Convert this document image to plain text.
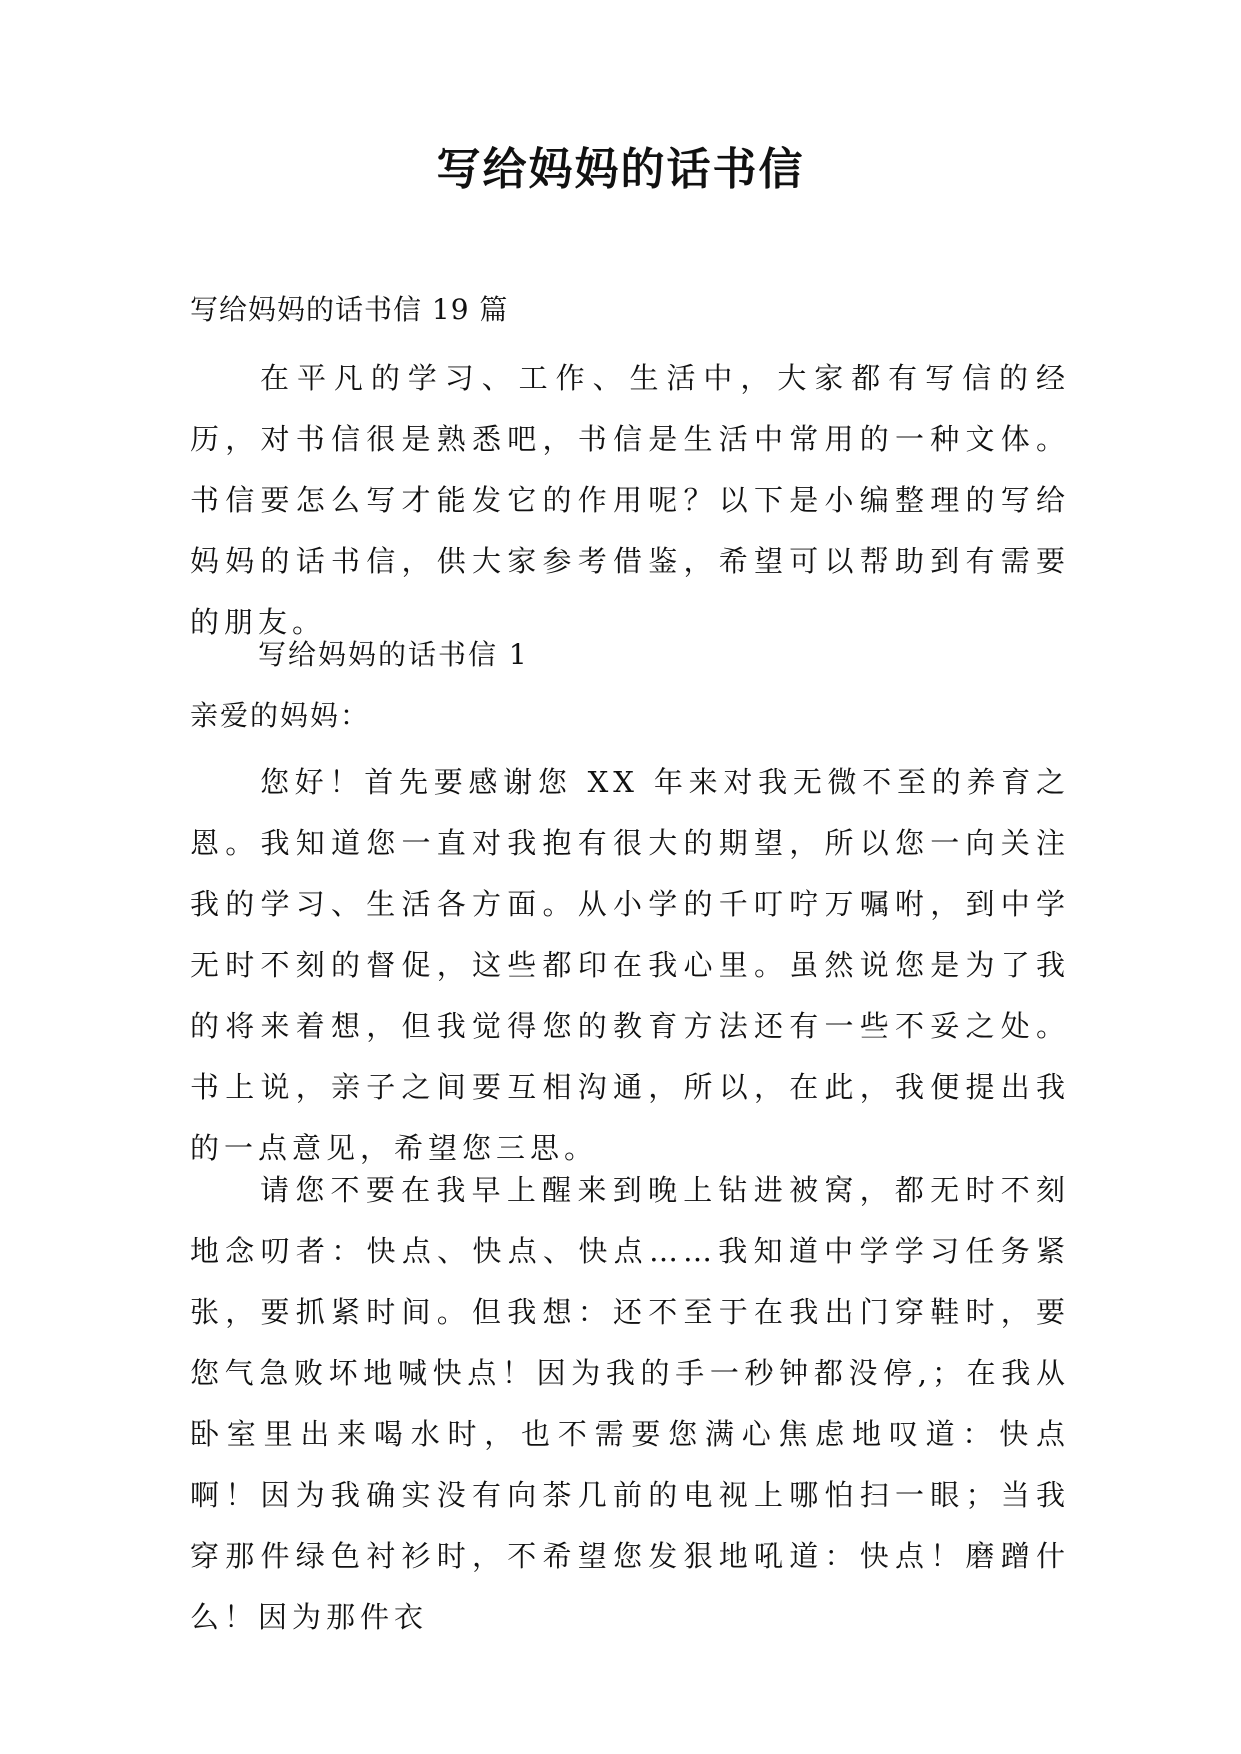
写给妈妈的话书信

写给妈妈的话书信 19 篇

在平凡的学习、工作、生活中，大家都有写信的经历，对书信很是熟悉吧，书信是生活中常用的一种文体。书信要怎么写才能发它的作用呢？以下是小编整理的写给妈妈的话书信，供大家参考借鉴，希望可以帮助到有需要的朋友。

写给妈妈的话书信 1

亲爱的妈妈：

您好！首先要感谢您 XX 年来对我无微不至的养育之恩。我知道您一直对我抱有很大的期望，所以您一向关注我的学习、生活各方面。从小学的千叮咛万嘱咐，到中学无时不刻的督促，这些都印在我心里。虽然说您是为了我的将来着想，但我觉得您的教育方法还有一些不妥之处。书上说，亲子之间要互相沟通，所以，在此，我便提出我的一点意见，希望您三思。

请您不要在我早上醒来到晚上钻进被窝，都无时不刻地念叨者：快点、快点、快点……我知道中学学习任务紧张，要抓紧时间。但我想：还不至于在我出门穿鞋时，要您气急败坏地喊快点！因为我的手一秒钟都没停,；在我从卧室里出来喝水时，也不需要您满心焦虑地叹道：快点啊！因为我确实没有向茶几前的电视上哪怕扫一眼；当我穿那件绿色衬衫时，不希望您发狠地吼道：快点！磨蹭什么！因为那件衣
